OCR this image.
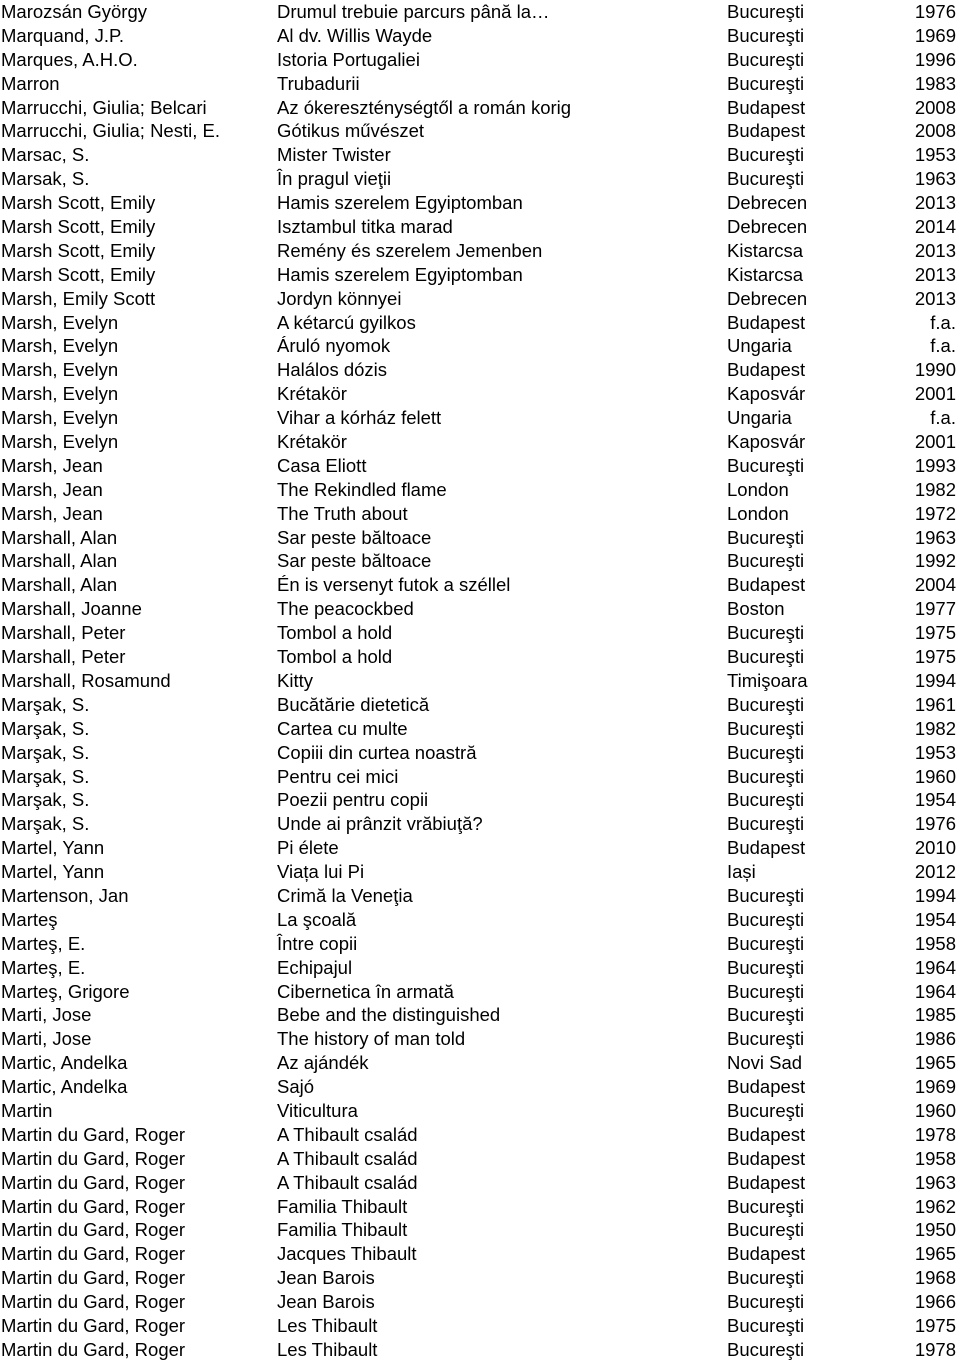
Marozsán György	Drumul trebuie parcurs până la…	Bucureşti	1976
Marquand, J.P.	Al dv. Willis Wayde	Bucureşti	1969
Marques, A.H.O.	Istoria Portugaliei	Bucureşti	1996
Marron	Trubadurii	Bucureşti	1983
Marrucchi, Giulia; Belcari	Az ókereszténységtől a román korig	Budapest	2008
Marrucchi, Giulia; Nesti, E.	Gótikus művészet	Budapest	2008
Marsac, S.	Mister Twister	Bucureşti	1953
Marsak, S.	În pragul vieţii	Bucureşti	1963
Marsh Scott, Emily	Hamis szerelem Egyiptomban	Debrecen	2013
Marsh Scott, Emily	Isztambul titka marad	Debrecen	2014
Marsh Scott, Emily	Remény és szerelem Jemenben	Kistarcsa	2013
Marsh Scott, Emily	Hamis szerelem Egyiptomban	Kistarcsa	2013
Marsh, Emily Scott	Jordyn könnyei	Debrecen	2013
Marsh, Evelyn	A kétarcú gyilkos	Budapest	f.a.
Marsh, Evelyn	Áruló nyomok	Ungaria	f.a.
Marsh, Evelyn	Halálos dózis	Budapest	1990
Marsh, Evelyn	Krétakör	Kaposvár	2001
Marsh, Evelyn	Vihar a kórház felett	Ungaria	f.a.
Marsh, Evelyn	Krétakör	Kaposvár	2001
Marsh, Jean	Casa Eliott	Bucureşti	1993
Marsh, Jean	The Rekindled flame	London	1982
Marsh, Jean	The Truth about	London	1972
Marshall, Alan	Sar peste băltoace	Bucureşti	1963
Marshall, Alan	Sar peste băltoace	Bucureşti	1992
Marshall, Alan	Én is versenyt futok a széllel	Budapest	2004
Marshall, Joanne	The peacockbed	Boston	1977
Marshall, Peter	Tombol a hold	Bucureşti	1975
Marshall, Peter	Tombol a hold	Bucureşti	1975
Marshall, Rosamund	Kitty	Timişoara	1994
Marşak, S.	Bucătărie dietetică	Bucureşti	1961
Marşak, S.	Cartea cu multe	Bucureşti	1982
Marşak, S.	Copiii din curtea noastră	Bucureşti	1953
Marşak, S.	Pentru cei mici	Bucureşti	1960
Marşak, S.	Poezii pentru copii	Bucureşti	1954
Marşak, S.	Unde ai prânzit vrăbiuţă?	Bucureşti	1976
Martel, Yann	Pi élete	Budapest	2010
Martel, Yann	Viața lui Pi	Iași	2012
Martenson, Jan	Crimă la Veneţia	Bucureşti	1994
Marteş	La şcoală	Bucureşti	1954
Marteş, E.	Între copii	Bucureşti	1958
Marteş, E.	Echipajul	Bucureşti	1964
Marteş, Grigore	Cibernetica în armată	Bucureşti	1964
Marti, Jose	Bebe and the distinguished	Bucureşti	1985
Marti, Jose	The history of man told	Bucureşti	1986
Martic, Andelka	Az ajándék	Novi Sad	1965
Martic, Andelka	Sajó	Budapest	1969
Martin	Viticultura	Bucureşti	1960
Martin du Gard, Roger	A Thibault család	Budapest	1978
Martin du Gard, Roger	A Thibault család	Budapest	1958
Martin du Gard, Roger	A Thibault család	Budapest	1963
Martin du Gard, Roger	Familia Thibault	Bucureşti	1962
Martin du Gard, Roger	Familia Thibault	Bucureşti	1950
Martin du Gard, Roger	Jacques Thibault	Budapest	1965
Martin du Gard, Roger	Jean Barois	Bucureşti	1968
Martin du Gard, Roger	Jean Barois	Bucureşti	1966
Martin du Gard, Roger	Les Thibault	Bucureşti	1975
Martin du Gard, Roger	Les Thibault	Bucureşti	1978
